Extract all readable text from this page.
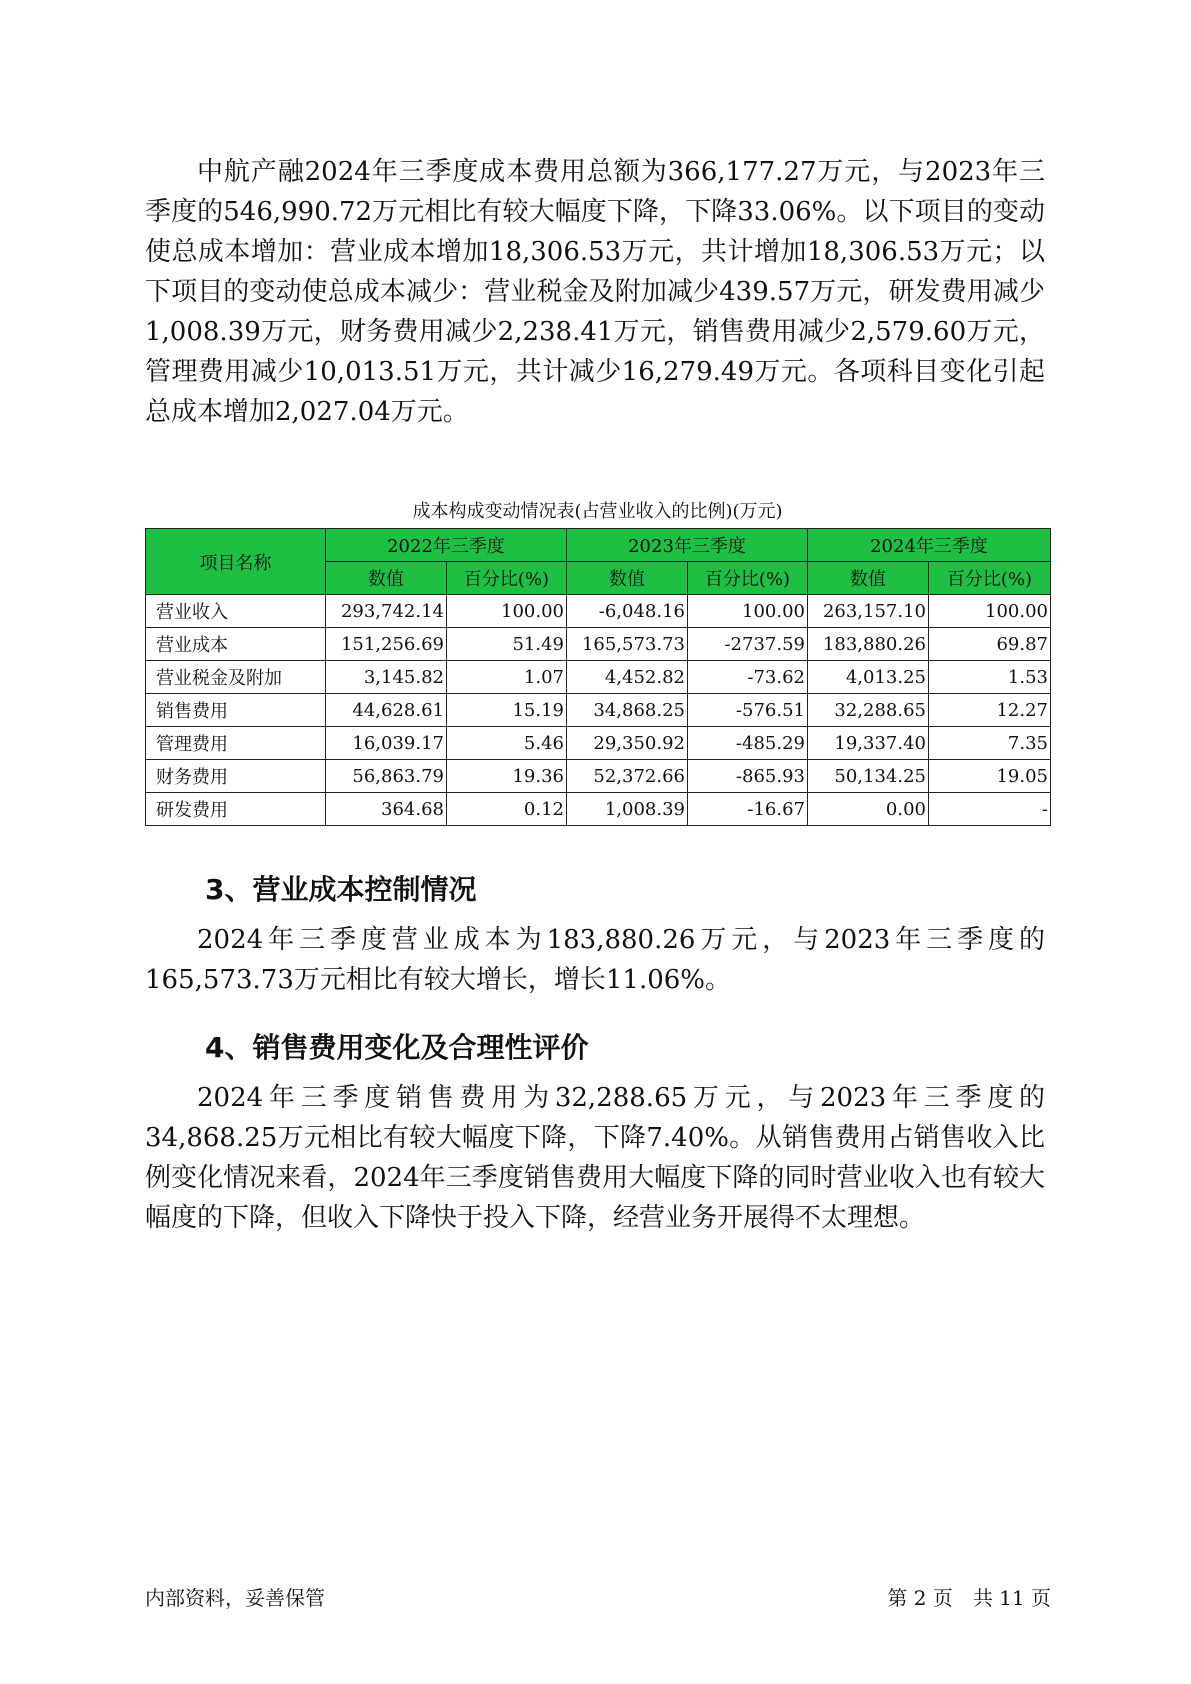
中航产融2024年三季度成本费用总额为366,177.27万元，与2023年三季度的546,990.72万元相比有较大幅度下降，下降33.06%。以下项目的变动使总成本增加：营业成本增加18,306.53万元，共计增加18,306.53万元；以下项目的变动使总成本减少：营业税金及附加减少439.57万元，研发费用减少1,008.39万元，财务费用减少2,238.41万元，销售费用减少2,579.60万元，管理费用减少10,013.51万元，共计减少16,279.49万元。各项科目变化引起总成本增加2,027.04万元。

成本构成变动情况表(占营业收入的比例)(万元)
项目名称	2022年三季度		2023年三季度		2024年三季度	
	数值	百分比(%)	数值	百分比(%)	数值	百分比(%)
营业收入	293,742.14	100.00	-6,048.16	100.00	263,157.10	100.00
营业成本	151,256.69	51.49	165,573.73	-2737.59	183,880.26	69.87
营业税金及附加	3,145.82	1.07	4,452.82	-73.62	4,013.25	1.53
销售费用	44,628.61	15.19	34,868.25	-576.51	32,288.65	12.27
管理费用	16,039.17	5.46	29,350.92	-485.29	19,337.40	7.35
财务费用	56,863.79	19.36	52,372.66	-865.93	50,134.25	19.05
研发费用	364.68	0.12	1,008.39	-16.67	0.00	-
3、营业成本控制情况

2024年三季度营业成本为183,880.26万元，与2023年三季度的165,573.73万元相比有较大增长，增长11.06%。

4、销售费用变化及合理性评价

2024年三季度销售费用为32,288.65万元，与2023年三季度的34,868.25万元相比有较大幅度下降，下降7.40%。从销售费用占销售收入比例变化情况来看，2024年三季度销售费用大幅度下降的同时营业收入也有较大幅度的下降，但收入下降快于投入下降，经营业务开展得不太理想。

内部资料，妥善保管	第 2 页　共 11 页
